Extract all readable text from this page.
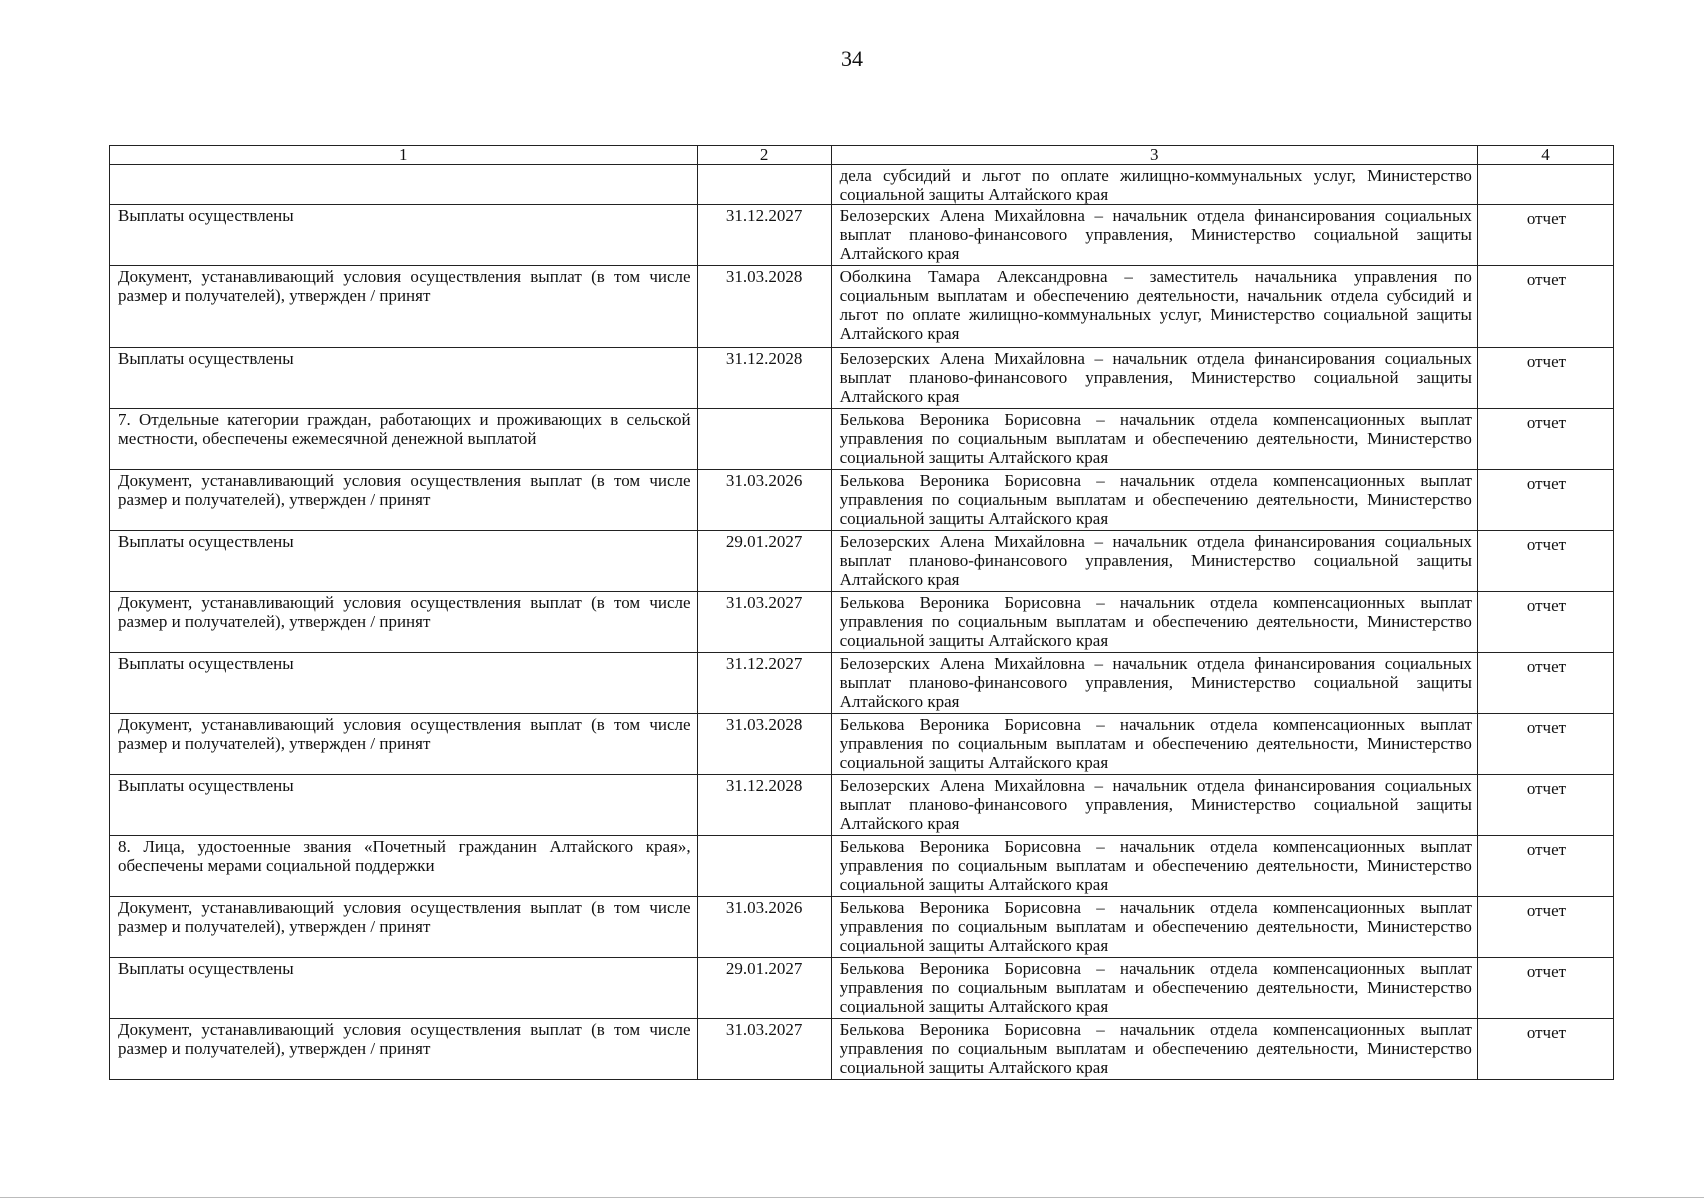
34
1	2	3	4
		дела субсидий и льгот по оплате жилищно-коммунальных услуг, Министерство социальной защиты Алтайского края	
Выплаты осуществлены	31.12.2027	Белозерских Алена Михайловна – начальник отдела финансирования социальных выплат планово-финансового управления, Министерство социальной защиты Алтайского края	отчет
Документ, устанавливающий условия осуществления выплат (в том числе размер и получателей), утвержден / принят	31.03.2028	Оболкина Тамара Александровна – заместитель начальника управления по социальным выплатам и обеспечению деятельности, начальник отдела субсидий и льгот по оплате жилищно-коммунальных услуг, Министерство социальной защиты Алтайского края	отчет
Выплаты осуществлены	31.12.2028	Белозерских Алена Михайловна – начальник отдела финансирования социальных выплат планово-финансового управления, Министерство социальной защиты Алтайского края	отчет
7. Отдельные категории граждан, работающих и проживающих в сельской местности, обеспечены ежемесячной денежной выплатой		Белькова Вероника Борисовна – начальник отдела компенсационных выплат управления по социальным выплатам и обеспечению деятельности, Министерство социальной защиты Алтайского края	отчет
Документ, устанавливающий условия осуществления выплат (в том числе размер и получателей), утвержден / принят	31.03.2026	Белькова Вероника Борисовна – начальник отдела компенсационных выплат управления по социальным выплатам и обеспечению деятельности, Министерство социальной защиты Алтайского края	отчет
Выплаты осуществлены	29.01.2027	Белозерских Алена Михайловна – начальник отдела финансирования социальных выплат планово-финансового управления, Министерство социальной защиты Алтайского края	отчет
Документ, устанавливающий условия осуществления выплат (в том числе размер и получателей), утвержден / принят	31.03.2027	Белькова Вероника Борисовна – начальник отдела компенсационных выплат управления по социальным выплатам и обеспечению деятельности, Министерство социальной защиты Алтайского края	отчет
Выплаты осуществлены	31.12.2027	Белозерских Алена Михайловна – начальник отдела финансирования социальных выплат планово-финансового управления, Министерство социальной защиты Алтайского края	отчет
Документ, устанавливающий условия осуществления выплат (в том числе размер и получателей), утвержден / принят	31.03.2028	Белькова Вероника Борисовна – начальник отдела компенсационных выплат управления по социальным выплатам и обеспечению деятельности, Министерство социальной защиты Алтайского края	отчет
Выплаты осуществлены	31.12.2028	Белозерских Алена Михайловна – начальник отдела финансирования социальных выплат планово-финансового управления, Министерство социальной защиты Алтайского края	отчет
8. Лица, удостоенные звания «Почетный гражданин Алтайского края», обеспечены мерами социальной поддержки		Белькова Вероника Борисовна – начальник отдела компенсационных выплат управления по социальным выплатам и обеспечению деятельности, Министерство социальной защиты Алтайского края	отчет
Документ, устанавливающий условия осуществления выплат (в том числе размер и получателей), утвержден / принят	31.03.2026	Белькова Вероника Борисовна – начальник отдела компенсационных выплат управления по социальным выплатам и обеспечению деятельности, Министерство социальной защиты Алтайского края	отчет
Выплаты осуществлены	29.01.2027	Белькова Вероника Борисовна – начальник отдела компенсационных выплат управления по социальным выплатам и обеспечению деятельности, Министерство социальной защиты Алтайского края	отчет
Документ, устанавливающий условия осуществления выплат (в том числе размер и получателей), утвержден / принят	31.03.2027	Белькова Вероника Борисовна – начальник отдела компенсационных выплат управления по социальным выплатам и обеспечению деятельности, Министерство социальной защиты Алтайского края	отчет
